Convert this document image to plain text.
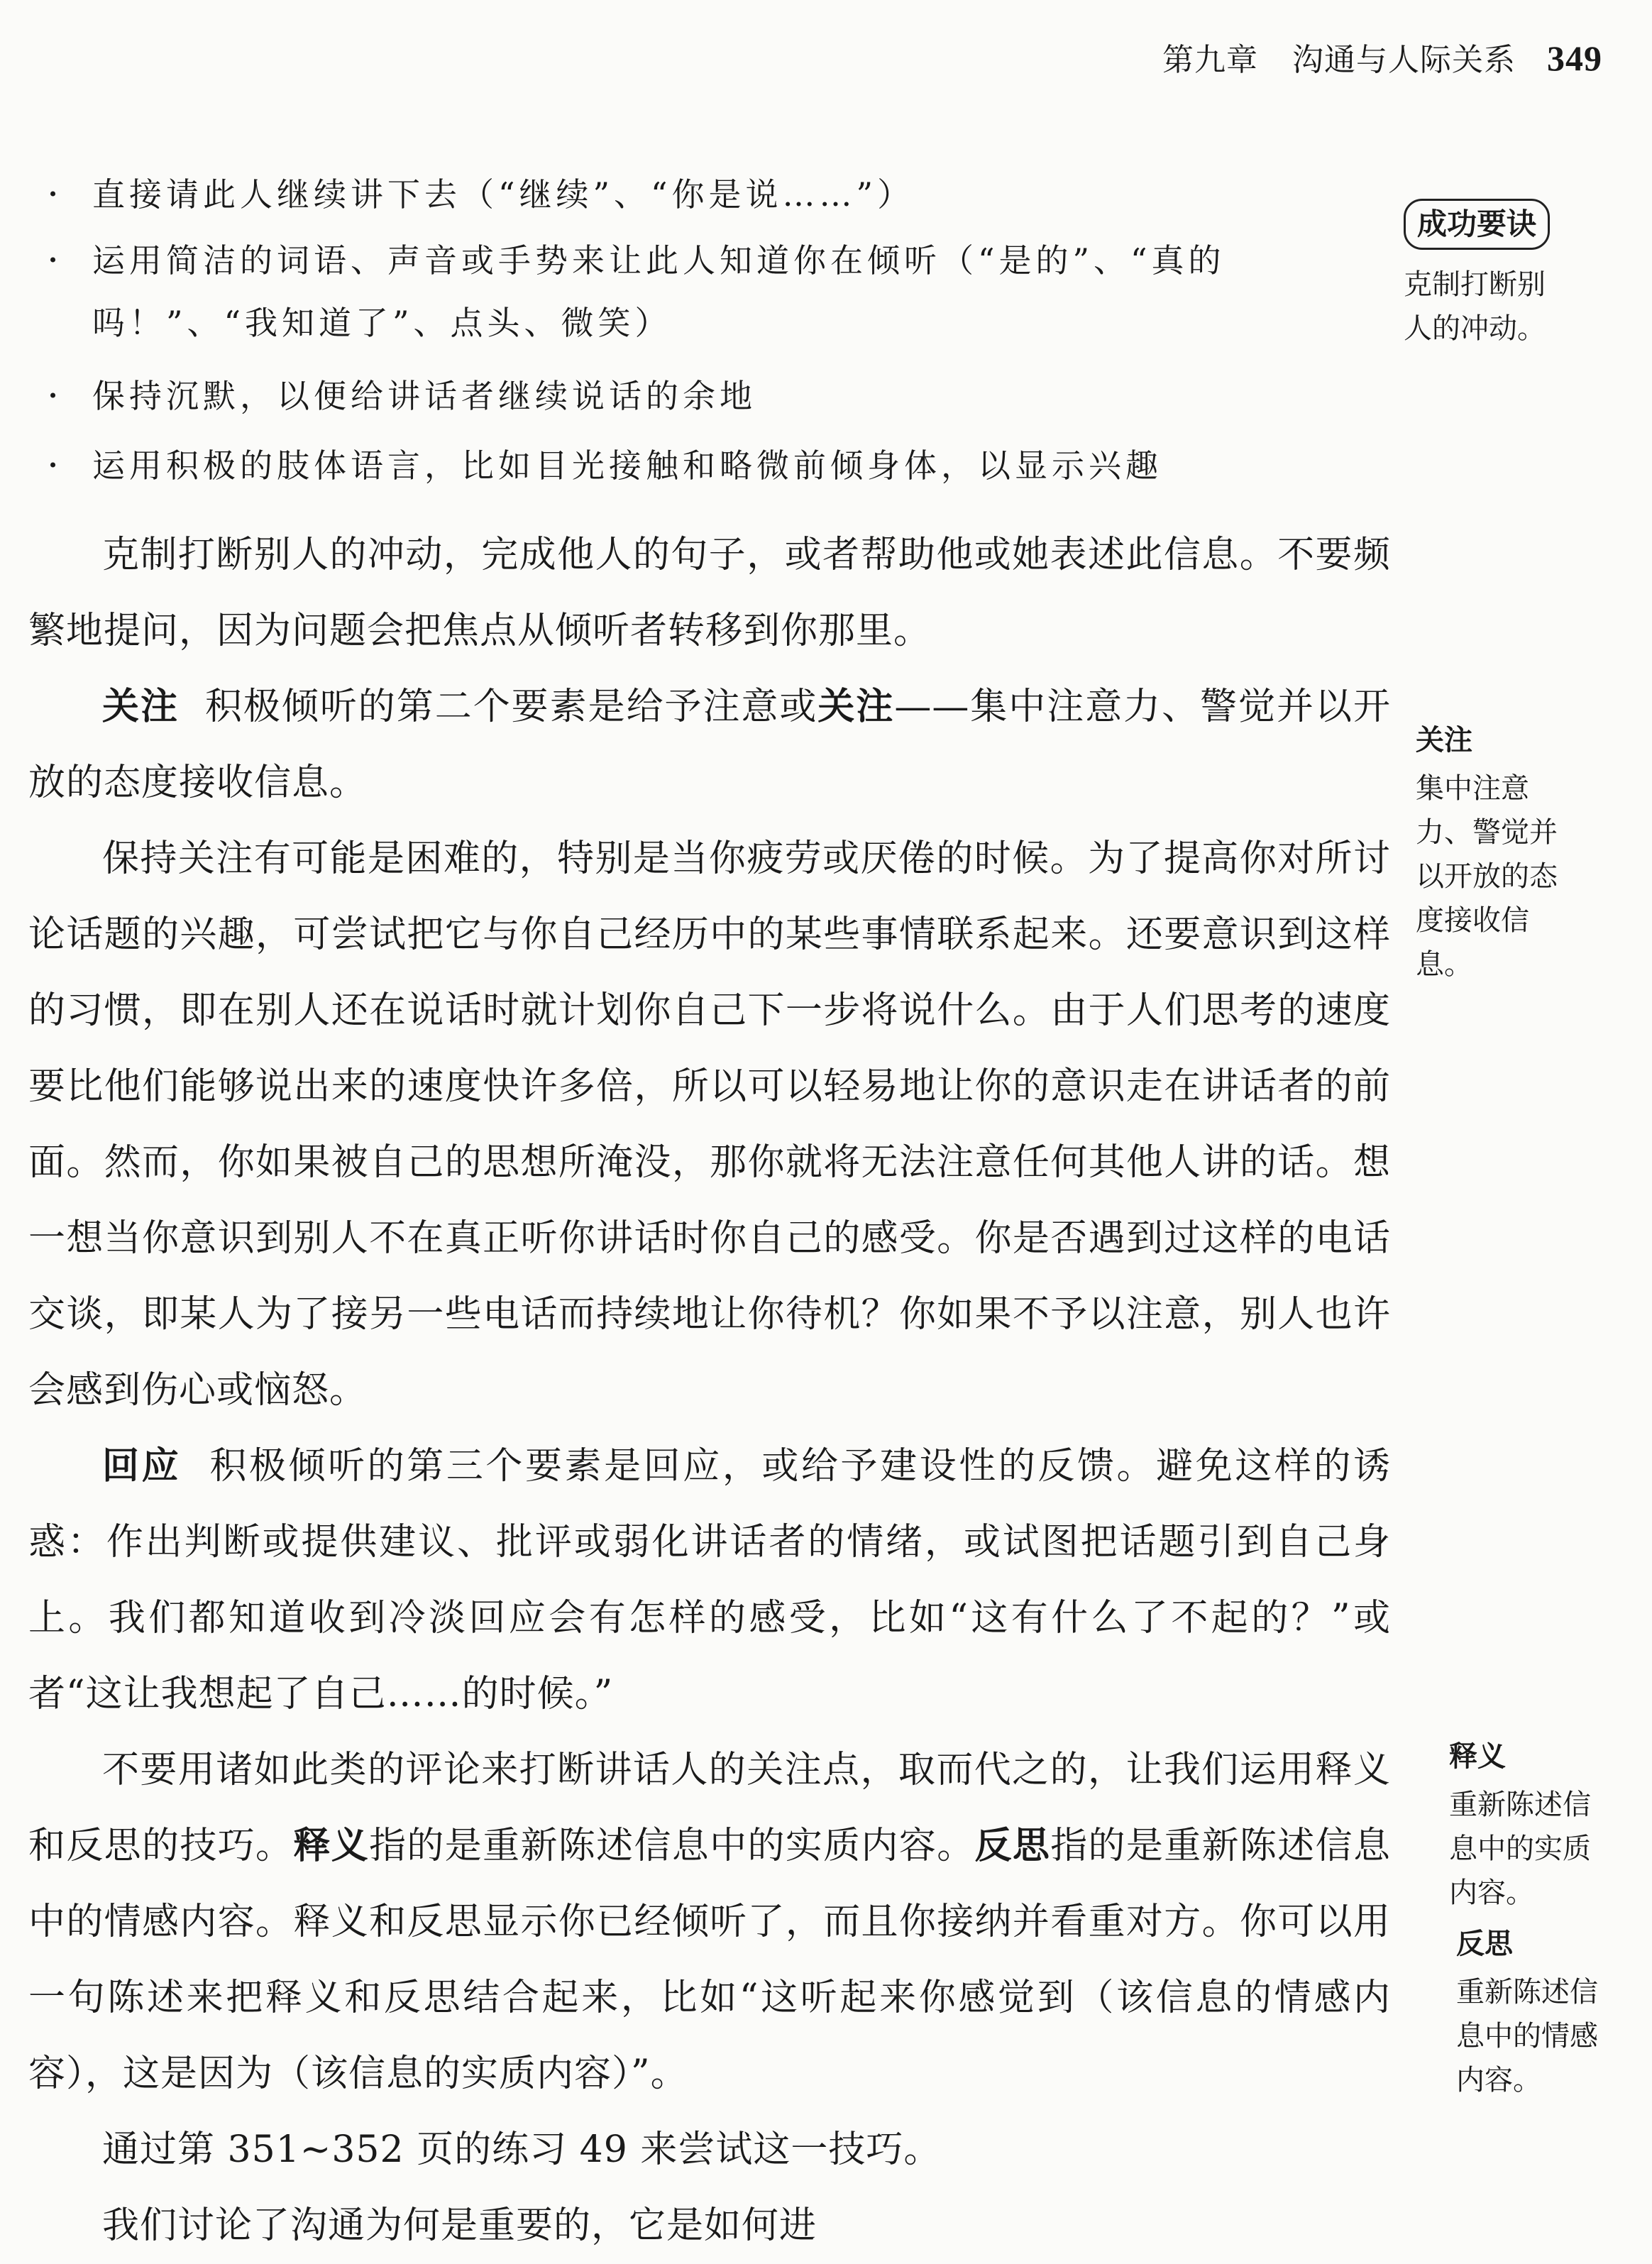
第九章 沟通与人际关系 349
· 直接请此人继续讲下去（“继续”、“你是说……”）
· 运用简洁的词语、声音或手势来让此人知道你在倾听（“是的”、“真的吗！”、“我知道了”、点头、微笑）
· 保持沉默，以便给讲话者继续说话的余地
· 运用积极的肢体语言，比如目光接触和略微前倾身体，以显示兴趣

克制打断别人的冲动，完成他人的句子，或者帮助他或她表述此信息。不要频繁地提问，因为问题会把焦点从倾听者转移到你那里。

关注 积极倾听的第二个要素是给予注意或关注——集中注意力、警觉并以开放的态度接收信息。

保持关注有可能是困难的，特别是当你疲劳或厌倦的时候。为了提高你对所讨论话题的兴趣，可尝试把它与你自己经历中的某些事情联系起来。还要意识到这样的习惯，即在别人还在说话时就计划你自己下一步将说什么。由于人们思考的速度要比他们能够说出来的速度快许多倍，所以可以轻易地让你的意识走在讲话者的前面。然而，你如果被自己的思想所淹没，那你就将无法注意任何其他人讲的话。想一想当你意识到别人不在真正听你讲话时你自己的感受。你是否遇到过这样的电话交谈，即某人为了接另一些电话而持续地让你待机？你如果不予以注意，别人也许会感到伤心或恼怒。

回应 积极倾听的第三个要素是回应，或给予建设性的反馈。避免这样的诱惑：作出判断或提供建议、批评或弱化讲话者的情绪，或试图把话题引到自己身上。我们都知道收到冷淡回应会有怎样的感受，比如“这有什么了不起的？”或者“这让我想起了自己……的时候。”

不要用诸如此类的评论来打断讲话人的关注点，取而代之的，让我们运用释义和反思的技巧。释义指的是重新陈述信息中的实质内容。反思指的是重新陈述信息中的情感内容。释义和反思显示你已经倾听了，而且你接纳并看重对方。你可以用一句陈述来把释义和反思结合起来，比如“这听起来你感觉到（该信息的情感内容），这是因为（该信息的实质内容）”。

通过第 351~352 页的练习 49 来尝试这一技巧。

我们讨论了沟通为何是重要的，它是如何进

成功要诀
克制打断别人的冲动。
关注
集中注意力、警觉并以开放的态度接收信息。
释义
重新陈述信息中的实质内容。
反思
重新陈述信息中的情感内容。
